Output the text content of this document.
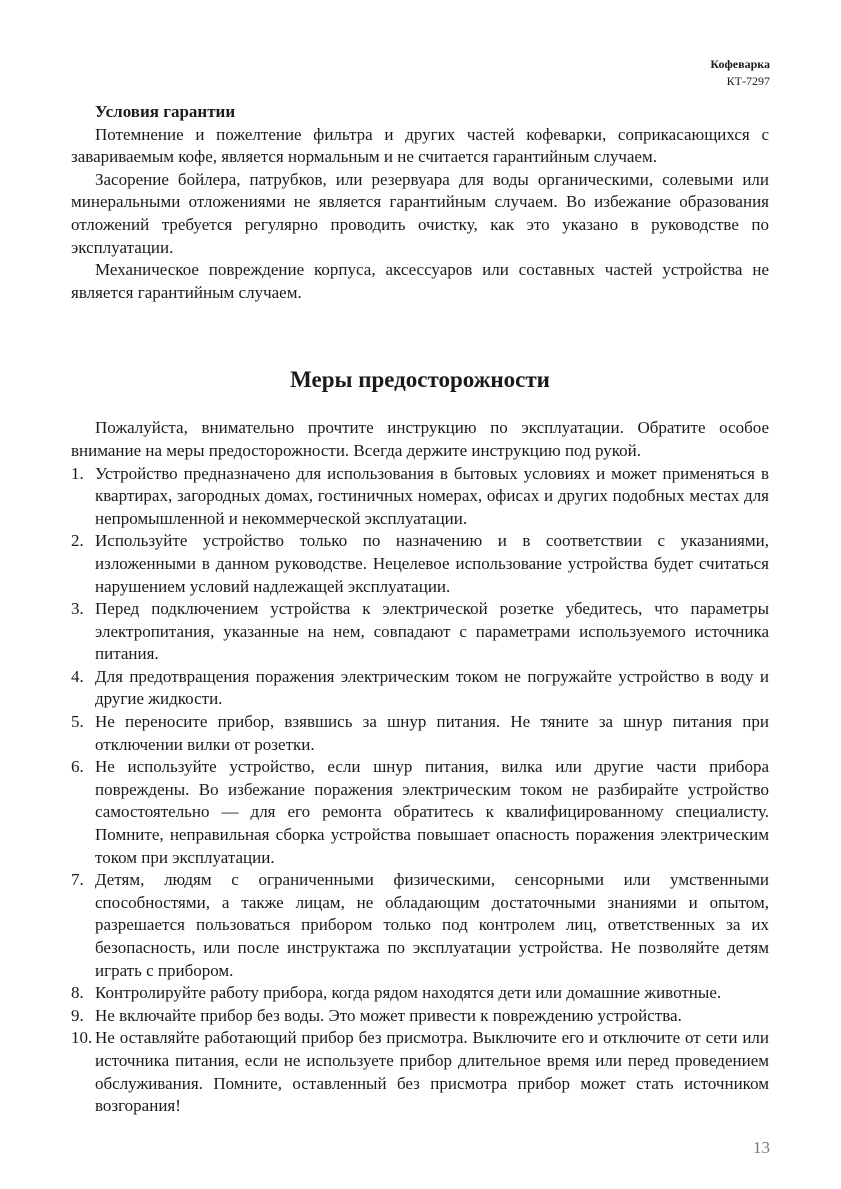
Кофеварка
КТ-7297

Условия гарантии

Потемнение и пожелтение фильтра и других частей кофеварки, соприкасающихся с завариваемым кофе, является нормальным и не считается гарантийным случаем.

Засорение бойлера, патрубков, или резервуара для воды органическими, солевыми или минеральными отложениями не является гарантийным случаем. Во избежание образования отложений требуется регулярно проводить очистку, как это указано в руководстве по эксплуатации.

Механическое повреждение корпуса, аксессуаров или составных частей устройства не является гарантийным случаем.

Меры предосторожности

Пожалуйста, внимательно прочтите инструкцию по эксплуатации. Обратите особое внимание на меры предосторожности. Всегда держите инструкцию под рукой.

1. Устройство предназначено для использования в бытовых условиях и может применяться в квартирах, загородных домах, гостиничных номерах, офисах и других подобных местах для непромышленной и некоммерческой эксплуатации.
2. Используйте устройство только по назначению и в соответствии с указаниями, изложенными в данном руководстве. Нецелевое использование устройства будет считаться нарушением условий надлежащей эксплуатации.
3. Перед подключением устройства к электрической розетке убедитесь, что параметры электропитания, указанные на нем, совпадают с параметрами используемого источника питания.
4. Для предотвращения поражения электрическим током не погружайте устройство в воду и другие жидкости.
5. Не переносите прибор, взявшись за шнур питания. Не тяните за шнур питания при отключении вилки от розетки.
6. Не используйте устройство, если шнур питания, вилка или другие части прибора повреждены. Во избежание поражения электрическим током не разбирайте устройство самостоятельно — для его ремонта обратитесь к квалифицированному специалисту. Помните, неправильная сборка устройства повышает опасность поражения электрическим током при эксплуатации.
7. Детям, людям с ограниченными физическими, сенсорными или умственными способностями, а также лицам, не обладающим достаточными знаниями и опытом, разрешается пользоваться прибором только под контролем лиц, ответственных за их безопасность, или после инструктажа по эксплуатации устройства. Не позволяйте детям играть с прибором.
8. Контролируйте работу прибора, когда рядом находятся дети или домашние животные.
9. Не включайте прибор без воды. Это может привести к повреждению устройства.
10. Не оставляйте работающий прибор без присмотра. Выключите его и отключите от сети или источника питания, если не используете прибор длительное время или перед проведением обслуживания. Помните, оставленный без присмотра прибор может стать источником возгорания!
13
